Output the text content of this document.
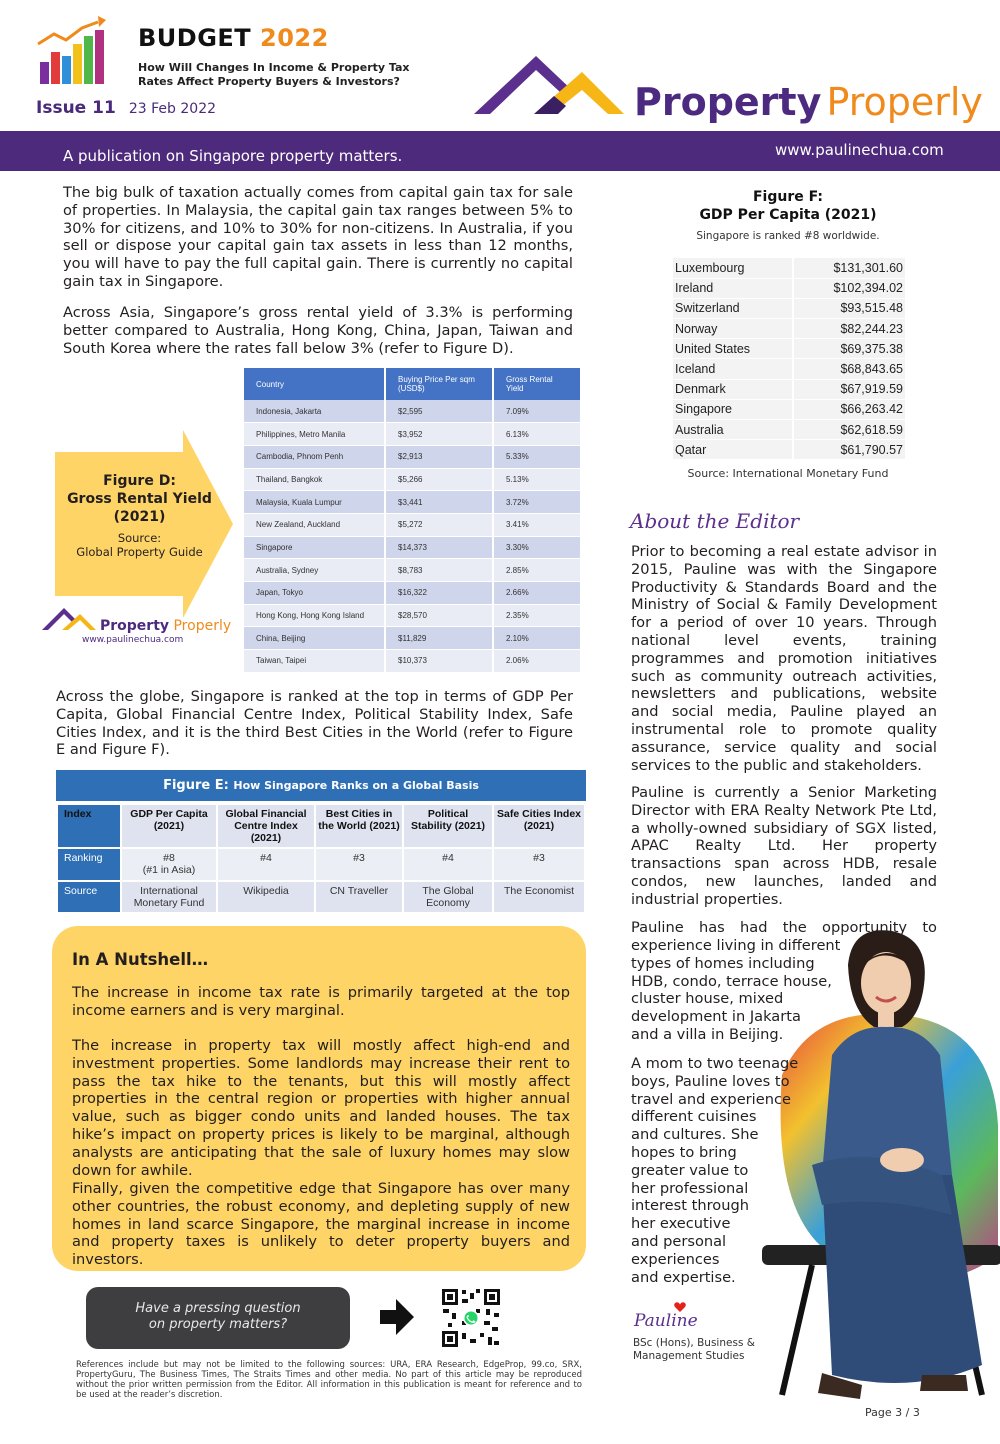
BUDGET 2022
How Will Changes In Income & Property Tax
Rates Affect Property Buyers & Investors?
Issue 11 23 Feb 2022	Property Properly
A publication on Singapore property matters.	www.paulinechua.com
The big bulk of taxation actually comes from capital gain tax for sale of properties. In Malaysia, the capital gain tax ranges between 5% to 30% for citizens, and 10% to 30% for non-citizens. In Australia, if you sell or dispose your capital gain tax assets in less than 12 months, you will have to pay the full capital gain. There is currently no capital gain tax in Singapore.
Across Asia, Singapore’s gross rental yield of 3.3% is performing better compared to Australia, Hong Kong, China, Japan, Taiwan and South Korea where the rates fall below 3% (refer to Figure D).
Figure D:
Gross Rental Yield
(2021)
Source:
Global Property Guide
Property Properly
www.paulinechua.com
Country	Buying Price Per sqm (USD$)	Gross Rental Yield
Indonesia, Jakarta	$2,595	7.09%
Philippines, Metro Manila	$3,952	6.13%
Cambodia, Phnom Penh	$2,913	5.33%
Thailand, Bangkok	$5,266	5.13%
Malaysia, Kuala Lumpur	$3,441	3.72%
New Zealand, Auckland	$5,272	3.41%
Singapore	$14,373	3.30%
Australia, Sydney	$8,783	2.85%
Japan, Tokyo	$16,322	2.66%
Hong Kong, Hong Kong Island	$28,570	2.35%
China, Beijing	$11,829	2.10%
Taiwan, Taipei	$10,373	2.06%
Across the globe, Singapore is ranked at the top in terms of GDP Per Capita, Global Financial Centre Index, Political Stability Index, Safe Cities Index, and it is the third Best Cities in the World (refer to Figure E and Figure F).
Figure E: How Singapore Ranks on a Global Basis
Index	GDP Per Capita (2021)	Global Financial Centre Index (2021)	Best Cities in the World (2021)	Political Stability (2021)	Safe Cities Index (2021)
Ranking	#8
(#1 in Asia)	#4	#3	#4	#3
Source	International Monetary Fund	Wikipedia	CN Traveller	The Global Economy	The Economist
In A Nutshell…
The increase in income tax rate is primarily targeted at the top income earners and is very marginal.
The increase in property tax will mostly affect high-end and investment properties. Some landlords may increase their rent to pass the tax hike to the tenants, but this will mostly affect properties in the central region or properties with higher annual value, such as bigger condo units and landed houses. The tax hike’s impact on property prices is likely to be marginal, although analysts are anticipating that the sale of luxury homes may slow down for awhile.
Finally, given the competitive edge that Singapore has over many other countries, the robust economy, and depleting supply of new homes in land scarce Singapore, the marginal increase in income and property taxes is unlikely to deter property buyers and investors.
Have a pressing question
on property matters?
References include but may not be limited to the following sources: URA, ERA Research, EdgeProp, 99.co, SRX, PropertyGuru, The Business Times, The Straits Times and other media. No part of this article may be reproduced without the prior written permission from the Editor. All information in this publication is meant for reference and to be used at the reader’s discretion.
Figure F:
GDP Per Capita (2021)
Singapore is ranked #8 worldwide.
Luxembourg	$131,301.60
Ireland	$102,394.02
Switzerland	$93,515.48
Norway	$82,244.23
United States	$69,375.38
Iceland	$68,843.65
Denmark	$67,919.59
Singapore	$66,263.42
Australia	$62,618.59
Qatar	$61,790.57
Source: International Monetary Fund
About the Editor
Prior to becoming a real estate advisor in 2015, Pauline was with the Singapore Productivity & Standards Board and the Ministry of Social & Family Development for a period of over 10 years. Through national level events, training programmes and promotion initiatives such as community outreach activities, newsletters and publications, website and social media, Pauline played an instrumental role to promote quality assurance, service quality and social services to the public and stakeholders.
Pauline is currently a Senior Marketing Director with ERA Realty Network Pte Ltd, a wholly-owned subsidiary of SGX listed, APAC Realty Ltd. Her property transactions span across HDB, resale condos, new launches, landed and industrial properties.
Pauline has had the opportunity to
experience living in different
types of homes including
HDB, condo, terrace house,
cluster house, mixed
development in Jakarta
and a villa in Beijing.
A mom to two teenage
boys, Pauline loves to
travel and experience
different cuisines
and cultures. She
hopes to bring
greater value to
her professional
interest through
her executive
and personal
experiences
and expertise.
Pauline
BSc (Hons), Business &
Management Studies
Page 3 / 3
